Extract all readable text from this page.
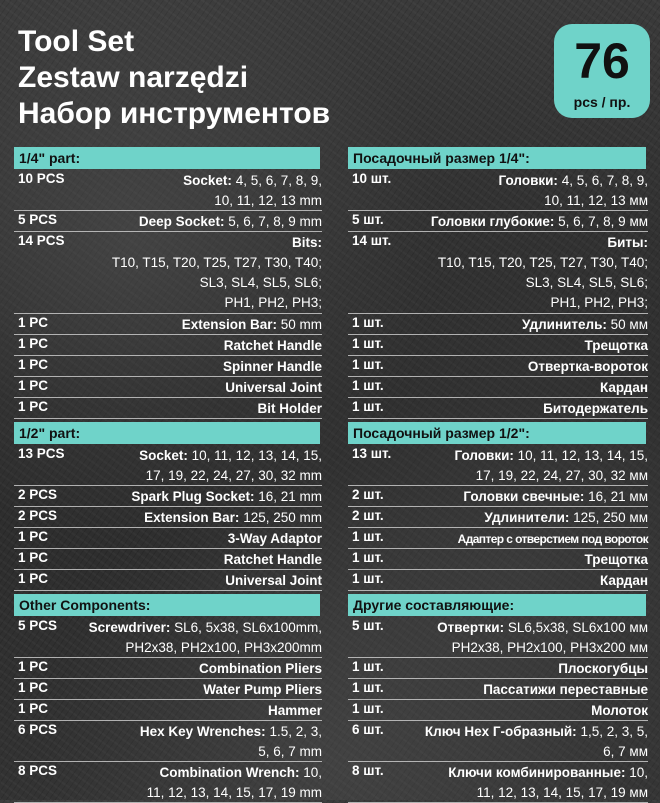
Tool Set
Zestaw narzędzi
Набор инструментов
76
pcs / пр.
1/4" part:
10 PCS	Socket: 4, 5, 6, 7, 8, 9,
10, 11, 12, 13 mm
5 PCS	Deep Socket: 5, 6, 7, 8, 9 mm
14 PCS	Bits:
T10, T15, T20, T25, T27, T30, T40;
SL3, SL4, SL5, SL6;
PH1, PH2, PH3;
1 PC	Extension Bar: 50 mm
1 PC	Ratchet Handle
1 PC	Spinner Handle
1 PC	Universal Joint
1 PC	Bit Holder
1/2" part:
13 PCS	Socket: 10, 11, 12, 13, 14, 15,
17, 19, 22, 24, 27, 30, 32 mm
2 PCS	Spark Plug Socket: 16, 21 mm
2 PCS	Extension Bar: 125, 250 mm
1 PC	3-Way Adaptor
1 PC	Ratchet Handle
1 PC	Universal Joint
Other Components:
5 PCS Screwdriver: SL6, 5x38, SL6x100mm,
PH2x38, PH2x100, PH3x200mm
1 PC	Combination Pliers
1 PC	Water Pump Pliers
1 PC	Hammer
6 PCS	Hex Key Wrenches: 1.5, 2, 3,
5, 6, 7 mm
8 PCS	Combination Wrench: 10,
11, 12, 13, 14, 15, 17, 19 mm
Посадочный размер 1/4":
10 шт.	Головки: 4, 5, 6, 7, 8, 9,
10, 11, 12, 13 мм
5 шт.	Головки глубокие: 5, 6, 7, 8, 9 мм
14 шт.	Биты:
T10, T15, T20, T25, T27, T30, T40;
SL3, SL4, SL5, SL6;
PH1, PH2, PH3;
1 шт.	Удлинитель: 50 мм
1 шт.	Трещотка
1 шт.	Отвертка-вороток
1 шт.	Кардан
1 шт.	Битодержатель
Посадочный размер 1/2":
13 шт.	Головки: 10, 11, 12, 13, 14, 15,
17, 19, 22, 24, 27, 30, 32 мм
2 шт.	Головки свечные: 16, 21 мм
2 шт.	Удлинители: 125, 250 мм
1 шт.	Адаптер с отверстием под вороток
1 шт.	Трещотка
1 шт.	Кардан
Другие составляющие:
5 шт.	Отвертки: SL6,5x38, SL6x100 мм
PH2x38, PH2x100, PH3x200 мм
1 шт.	Плоскогубцы
1 шт.	Пассатижи переставные
1 шт.	Молоток
6 шт.	Ключ Hex Г-образный: 1,5, 2, 3, 5,
6, 7 мм
8 шт.	Ключи комбинированные: 10,
11, 12, 13, 14, 15, 17, 19 мм
